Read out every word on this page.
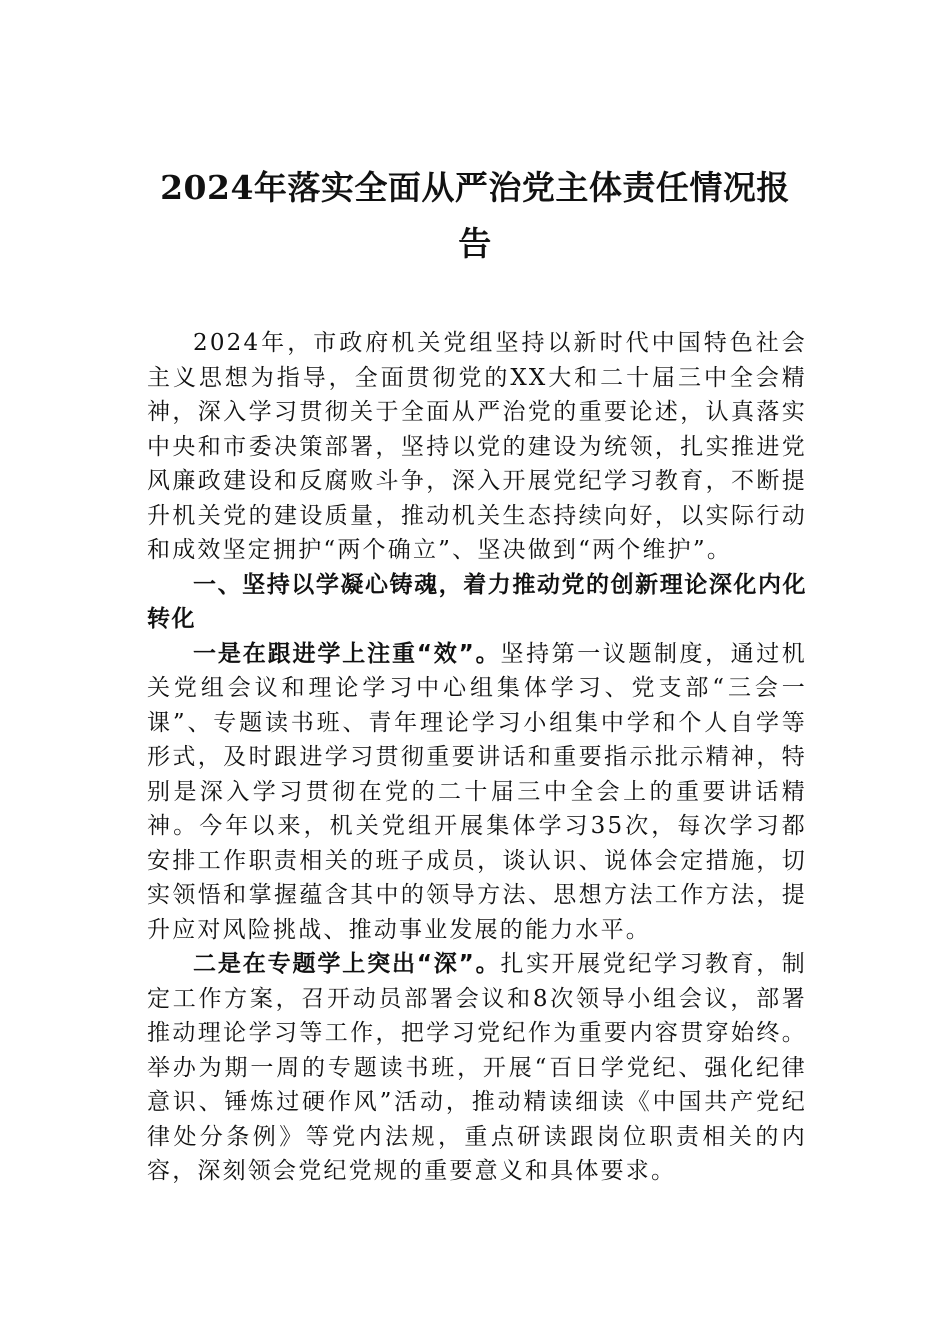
2024年落实全面从严治党主体责任情况报告

2024年，市政府机关党组坚持以新时代中国特色社会主义思想为指导，全面贯彻党的XX大和二十届三中全会精神，深入学习贯彻关于全面从严治党的重要论述，认真落实中央和市委决策部署，坚持以党的建设为统领，扎实推进党风廉政建设和反腐败斗争，深入开展党纪学习教育，不断提升机关党的建设质量，推动机关生态持续向好，以实际行动和成效坚定拥护“两个确立”、坚决做到“两个维护”。

一、坚持以学凝心铸魂，着力推动党的创新理论深化内化转化

一是在跟进学上注重“效”。坚持第一议题制度，通过机关党组会议和理论学习中心组集体学习、党支部“三会一课”、专题读书班、青年理论学习小组集中学和个人自学等形式，及时跟进学习贯彻重要讲话和重要指示批示精神，特别是深入学习贯彻在党的二十届三中全会上的重要讲话精神。今年以来，机关党组开展集体学习35次，每次学习都安排工作职责相关的班子成员，谈认识、说体会定措施，切实领悟和掌握蕴含其中的领导方法、思想方法工作方法，提升应对风险挑战、推动事业发展的能力水平。

二是在专题学上突出“深”。扎实开展党纪学习教育，制定工作方案，召开动员部署会议和8次领导小组会议，部署推动理论学习等工作，把学习党纪作为重要内容贯穿始终。举办为期一周的专题读书班，开展“百日学党纪、强化纪律意识、锤炼过硬作风”活动，推动精读细读《中国共产党纪律处分条例》等党内法规，重点研读跟岗位职责相关的内容，深刻领会党纪党规的重要意义和具体要求。
